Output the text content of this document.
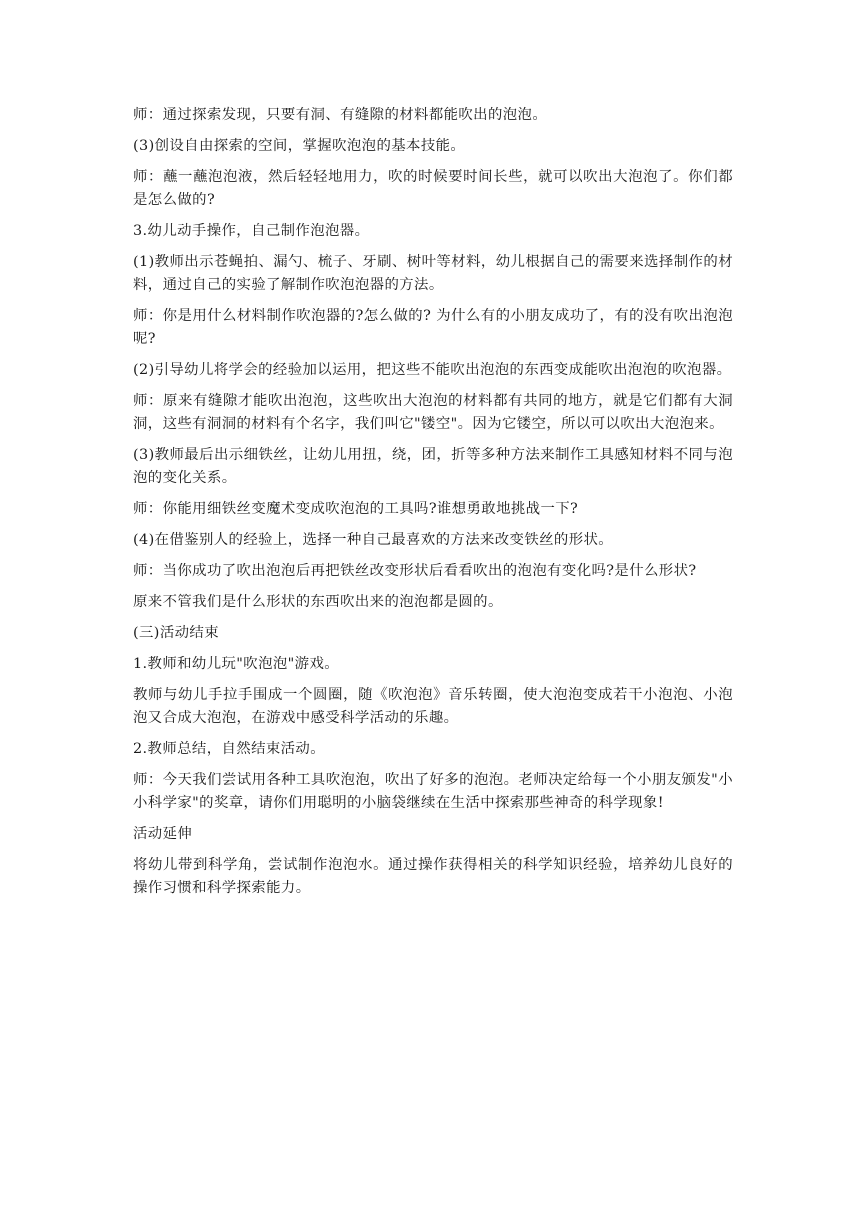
师：通过探索发现，只要有洞、有缝隙的材料都能吹出的泡泡。

(3)创设自由探索的空间，掌握吹泡泡的基本技能。

师：蘸一蘸泡泡液，然后轻轻地用力，吹的时候要时间长些，就可以吹出大泡泡了。你们都是怎么做的?

3.幼儿动手操作，自己制作泡泡器。

(1)教师出示苍蝇拍、漏勺、梳子、牙刷、树叶等材料，幼儿根据自己的需要来选择制作的材料，通过自己的实验了解制作吹泡泡器的方法。

师：你是用什么材料制作吹泡器的?怎么做的? 为什么有的小朋友成功了，有的没有吹出泡泡呢?

(2)引导幼儿将学会的经验加以运用，把这些不能吹出泡泡的东西变成能吹出泡泡的吹泡器。

师：原来有缝隙才能吹出泡泡，这些吹出大泡泡的材料都有共同的地方，就是它们都有大洞洞，这些有洞洞的材料有个名字，我们叫它"镂空"。因为它镂空，所以可以吹出大泡泡来。

(3)教师最后出示细铁丝，让幼儿用扭，绕，团，折等多种方法来制作工具感知材料不同与泡泡的变化关系。

师：你能用细铁丝变魔术变成吹泡泡的工具吗?谁想勇敢地挑战一下?

(4)在借鉴别人的经验上，选择一种自己最喜欢的方法来改变铁丝的形状。

师：当你成功了吹出泡泡后再把铁丝改变形状后看看吹出的泡泡有变化吗?是什么形状?

原来不管我们是什么形状的东西吹出来的泡泡都是圆的。

(三)活动结束

1.教师和幼儿玩"吹泡泡"游戏。

教师与幼儿手拉手围成一个圆圈，随《吹泡泡》音乐转圈，使大泡泡变成若干小泡泡、小泡泡又合成大泡泡，在游戏中感受科学活动的乐趣。

2.教师总结，自然结束活动。

师：今天我们尝试用各种工具吹泡泡，吹出了好多的泡泡。老师决定给每一个小朋友颁发"小小科学家"的奖章，请你们用聪明的小脑袋继续在生活中探索那些神奇的科学现象!

活动延伸

将幼儿带到科学角，尝试制作泡泡水。通过操作获得相关的科学知识经验，培养幼儿良好的操作习惯和科学探索能力。
